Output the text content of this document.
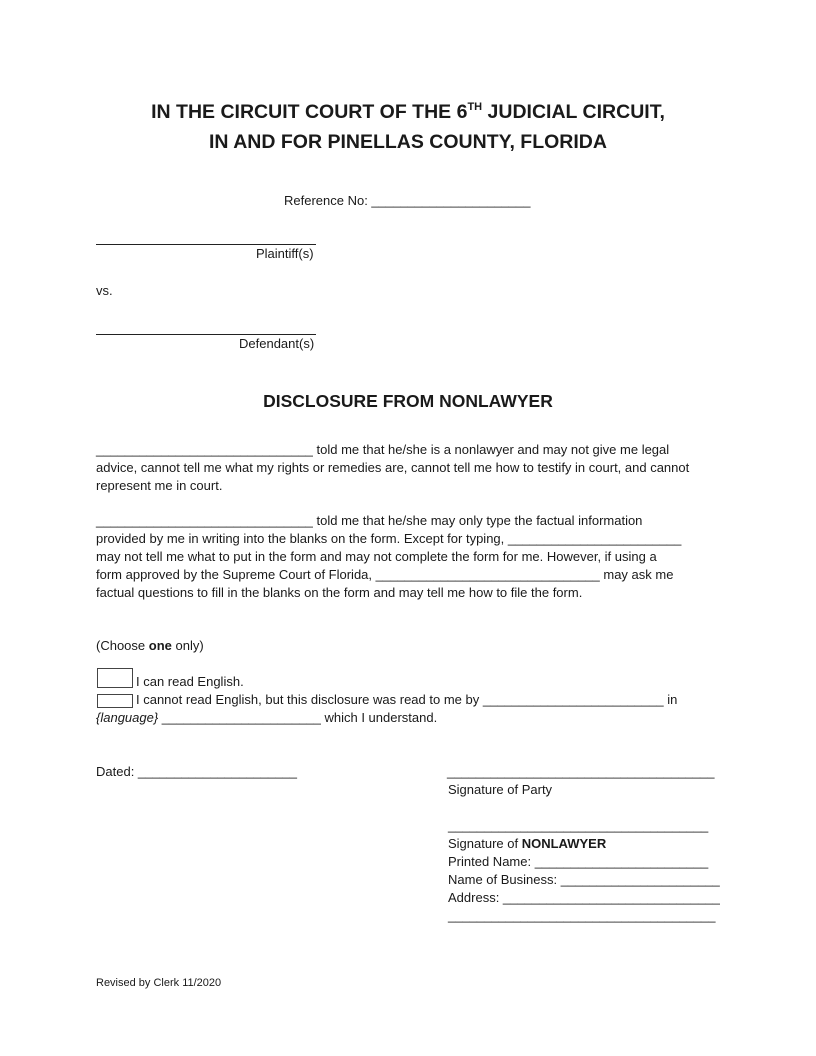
IN THE CIRCUIT COURT OF THE 6TH JUDICIAL CIRCUIT,
IN AND FOR PINELLAS COUNTY, FLORIDA
Reference No: ______________________
Plaintiff(s)
vs.
Defendant(s)
DISCLOSURE FROM NONLAWYER
______________________________ told me that he/she is a nonlawyer and may not give me legal
advice, cannot tell me what my rights or remedies are, cannot tell me how to testify in court, and cannot
represent me in court.
______________________________ told me that he/she may only type the factual information
provided by me in writing into the blanks on the form. Except for typing, ________________________
may not tell me what to put in the form and may not complete the form for me. However, if using a
form approved by the Supreme Court of Florida, _______________________________ may ask me
factual questions to fill in the blanks on the form and may tell me how to file the form.
(Choose one only)
I can read English.
I cannot read English, but this disclosure was read to me by _________________________ in
{language} ______________________ which I understand.
Dated: ______________________	_____________________________________
Signature of Party
____________________________________
Signature of NONLAWYER
Printed Name: ________________________
Name of Business: ______________________
Address: ______________________________
_____________________________________
Revised by Clerk 11/2020
